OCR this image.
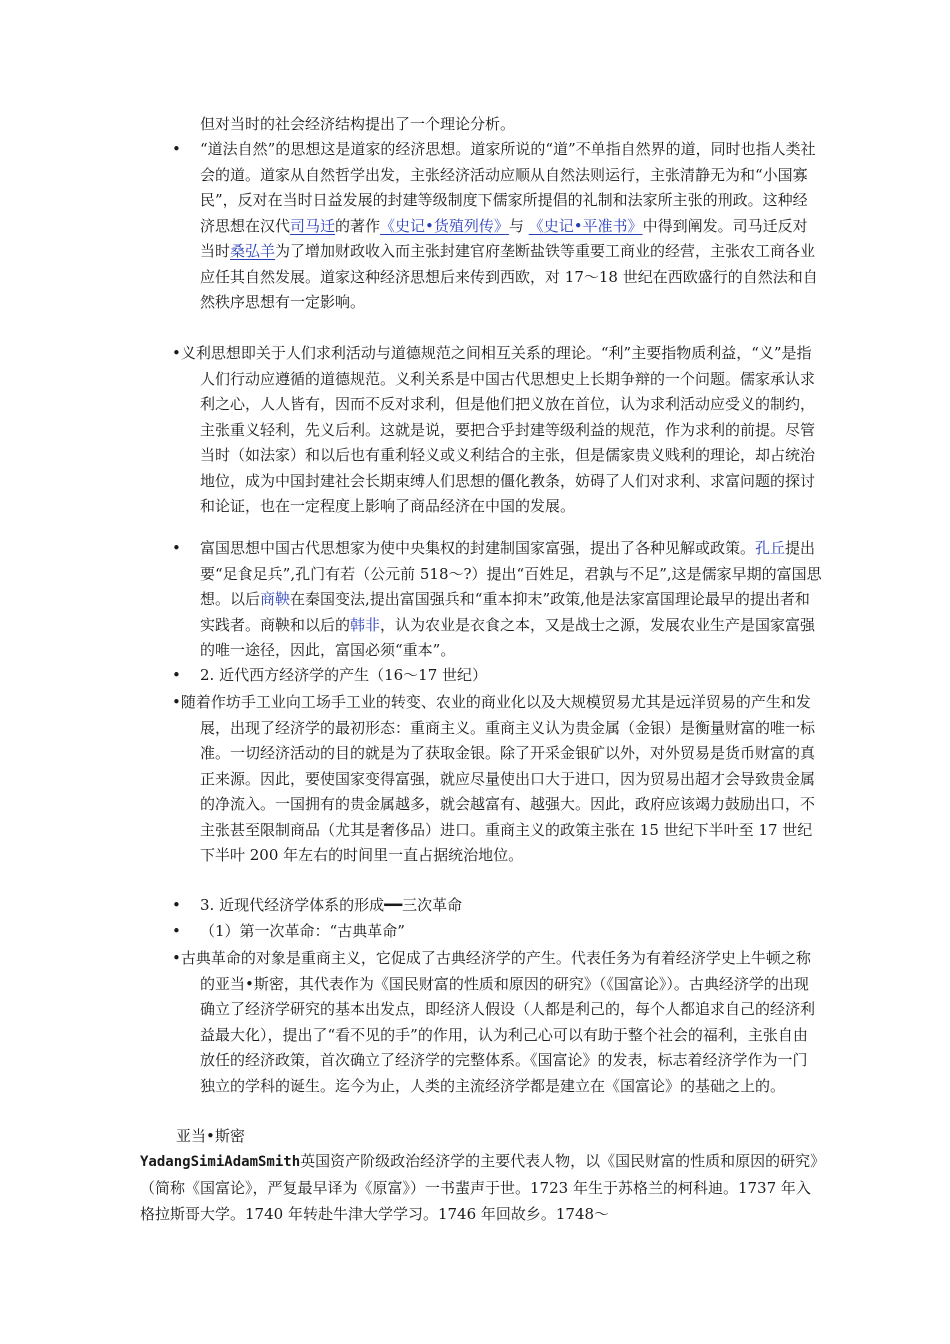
但对当时的社会经济结构提出了一个理论分析。
•	“道法自然”的思想这是道家的经济思想。道家所说的“道”不单指自然界的道，同时也指人类社会的道。道家从自然哲学出发，主张经济活动应顺从自然法则运行，主张清静无为和“小国寡民”，反对在当时日益发展的封建等级制度下儒家所提倡的礼制和法家所主张的刑政。这种经济思想在汉代司马迁的著作《史记•货殖列传》与 《史记•平准书》中得到阐发。司马迁反对当时桑弘羊为了增加财政收入而主张封建官府垄断盐铁等重要工商业的经营，主张农工商各业应任其自然发展。道家这种经济思想后来传到西欧，对 17～18 世纪在西欧盛行的自然法和自然秩序思想有一定影响。
•义利思想即关于人们求利活动与道德规范之间相互关系的理论。“利”主要指物质利益，“义”是指人们行动应遵循的道德规范。义利关系是中国古代思想史上长期争辩的一个问题。儒家承认求利之心，人人皆有，因而不反对求利，但是他们把义放在首位，认为求利活动应受义的制约，主张重义轻利，先义后利。这就是说，要把合乎封建等级利益的规范，作为求利的前提。尽管当时（如法家）和以后也有重利轻义或义利结合的主张，但是儒家贵义贱利的理论，却占统治地位，成为中国封建社会长期束缚人们思想的僵化教条，妨碍了人们对求利、求富问题的探讨和论证，也在一定程度上影响了商品经济在中国的发展。
•	富国思想中国古代思想家为使中央集权的封建制国家富强，提出了各种见解或政策。孔丘提出要“足食足兵”,孔门有若（公元前 518～?）提出“百姓足，君孰与不足”,这是儒家早期的富国思想。以后商鞅在秦国变法,提出富国强兵和“重本抑末”政策,他是法家富国理论最早的提出者和实践者。商鞅和以后的韩非，认为农业是衣食之本，又是战士之源，发展农业生产是国家富强的唯一途径，因此，富国必须“重本”。
•	2. 近代西方经济学的产生（16～17 世纪）
•随着作坊手工业向工场手工业的转变、农业的商业化以及大规模贸易尤其是远洋贸易的产生和发展，出现了经济学的最初形态：重商主义。重商主义认为贵金属（金银）是衡量财富的唯一标准。一切经济活动的目的就是为了获取金银。除了开采金银矿以外，对外贸易是货币财富的真正来源。因此，要使国家变得富强，就应尽量使出口大于进口，因为贸易出超才会导致贵金属的净流入。一国拥有的贵金属越多，就会越富有、越强大。因此，政府应该竭力鼓励出口，不主张甚至限制商品（尤其是奢侈品）进口。重商主义的政策主张在 15 世纪下半叶至 17 世纪下半叶 200 年左右的时间里一直占据统治地位。
•	3. 近现代经济学体系的形成━━三次革命
•	（1）第一次革命：“古典革命”
•古典革命的对象是重商主义，它促成了古典经济学的产生。代表任务为有着经济学史上牛顿之称的亚当•斯密，其代表作为《国民财富的性质和原因的研究》（《国富论》）。古典经济学的出现确立了经济学研究的基本出发点，即经济人假设（人都是利己的，每个人都追求自己的经济利益最大化），提出了“看不见的手”的作用，认为利己心可以有助于整个社会的福利，主张自由放任的经济政策，首次确立了经济学的完整体系。《国富论》的发表，标志着经济学作为一门独立的学科的诞生。迄今为止，人类的主流经济学都是建立在《国富论》的基础之上的。
亚当•斯密
YadangSimiAdamSmith英国资产阶级政治经济学的主要代表人物，以《国民财富的性质和原因的研究》（简称《国富论》，严复最早译为《原富》）一书蜚声于世。1723 年生于苏格兰的柯科迪。1737 年入格拉斯哥大学。1740 年转赴牛津大学学习。1746 年回故乡。1748～
